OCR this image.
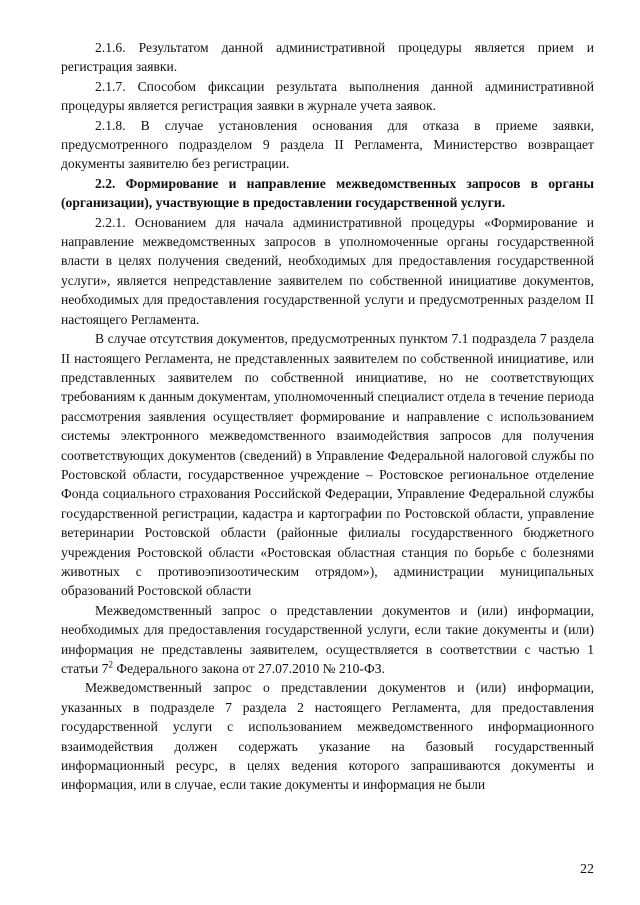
2.1.6. Результатом данной административной процедуры является прием и регистрация заявки.

2.1.7. Способом фиксации результата выполнения данной административной процедуры является регистрация заявки в журнале учета заявок.

2.1.8. В случае установления основания для отказа в приеме заявки, предусмотренного подразделом 9 раздела II Регламента, Министерство возвращает документы заявителю без регистрации.

2.2. Формирование и направление межведомственных запросов в органы (организации), участвующие в предоставлении государственной услуги.

2.2.1. Основанием для начала административной процедуры «Формирование и направление межведомственных запросов в уполномоченные органы государственной власти в целях получения сведений, необходимых для предоставления государственной услуги», является непредставление заявителем по собственной инициативе документов, необходимых для предоставления государственной услуги и предусмотренных разделом II настоящего Регламента.

В случае отсутствия документов, предусмотренных пунктом 7.1 подраздела 7 раздела II настоящего Регламента, не представленных заявителем по собственной инициативе, или представленных заявителем по собственной инициативе, но не соответствующих требованиям к данным документам, уполномоченный специалист отдела в течение периода рассмотрения заявления осуществляет формирование и направление с использованием системы электронного межведомственного взаимодействия запросов для получения соответствующих документов (сведений) в Управление Федеральной налоговой службы по Ростовской области, государственное учреждение – Ростовское региональное отделение Фонда социального страхования Российской Федерации, Управление Федеральной службы государственной регистрации, кадастра и картографии по Ростовской области, управление ветеринарии Ростовской области (районные филиалы государственного бюджетного учреждения Ростовской области «Ростовская областная станция по борьбе с болезнями животных с противоэпизоотическим отрядом»), администрации муниципальных образований Ростовской области

Межведомственный запрос о представлении документов и (или) информации, необходимых для предоставления государственной услуги, если такие документы и (или) информация не представлены заявителем, осуществляется в соответствии с частью 1 статьи $7^2$ Федерального закона от 27.07.2010 № 210-ФЗ.

Межведомственный запрос о представлении документов и (или) информации, указанных в подразделе 7 раздела 2 настоящего Регламента, для предоставления государственной услуги с использованием межведомственного информационного взаимодействия должен содержать указание на базовый государственный информационный ресурс, в целях ведения которого запрашиваются документы и информация, или в случае, если такие документы и информация не были

22
